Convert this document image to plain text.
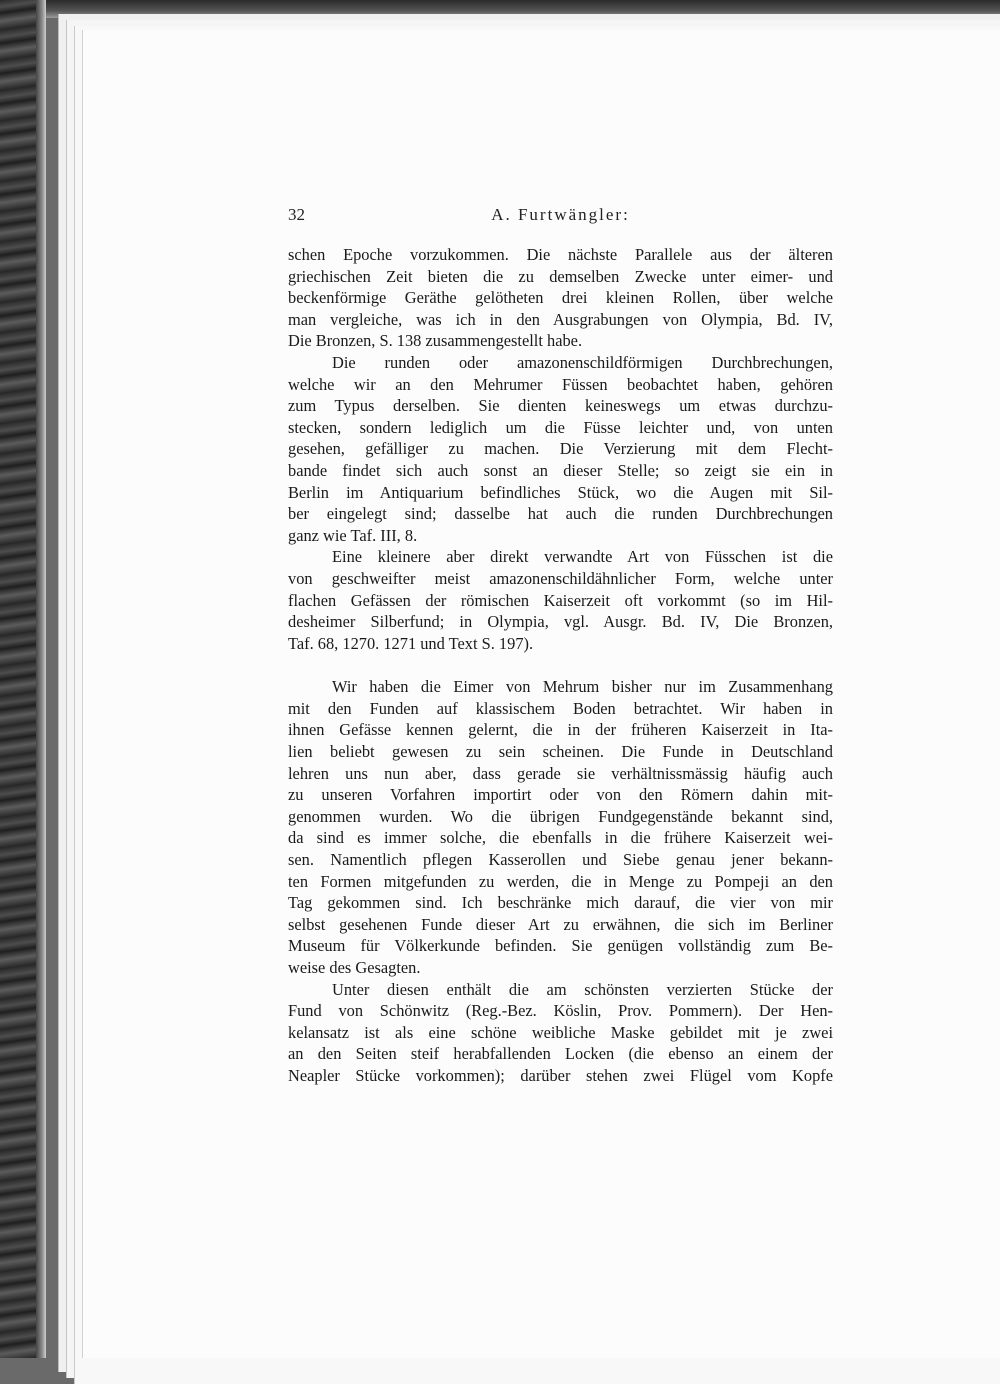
32	A. Furtwängler:
schen Epoche vorzukommen. Die nächste Parallele aus der älteren
griechischen Zeit bieten die zu demselben Zwecke unter eimer- und
beckenförmige Geräthe gelötheten drei kleinen Rollen, über welche
man vergleiche, was ich in den Ausgrabungen von Olympia, Bd. IV,
Die Bronzen, S. 138 zusammengestellt habe.
Die runden oder amazonenschildförmigen Durchbrechungen,
welche wir an den Mehrumer Füssen beobachtet haben, gehören
zum Typus derselben. Sie dienten keineswegs um etwas durchzu-
stecken, sondern lediglich um die Füsse leichter und, von unten
gesehen, gefälliger zu machen. Die Verzierung mit dem Flecht-
bande findet sich auch sonst an dieser Stelle; so zeigt sie ein in
Berlin im Antiquarium befindliches Stück, wo die Augen mit Sil-
ber eingelegt sind; dasselbe hat auch die runden Durchbrechungen
ganz wie Taf. III, 8.
Eine kleinere aber direkt verwandte Art von Füsschen ist die
von geschweifter meist amazonenschildähnlicher Form, welche unter
flachen Gefässen der römischen Kaiserzeit oft vorkommt (so im Hil-
desheimer Silberfund; in Olympia, vgl. Ausgr. Bd. IV, Die Bronzen,
Taf. 68, 1270. 1271 und Text S. 197).
Wir haben die Eimer von Mehrum bisher nur im Zusammenhang
mit den Funden auf klassischem Boden betrachtet. Wir haben in
ihnen Gefässe kennen gelernt, die in der früheren Kaiserzeit in Ita-
lien beliebt gewesen zu sein scheinen. Die Funde in Deutschland
lehren uns nun aber, dass gerade sie verhältnissmässig häufig auch
zu unseren Vorfahren importirt oder von den Römern dahin mit-
genommen wurden. Wo die übrigen Fundgegenstände bekannt sind,
da sind es immer solche, die ebenfalls in die frühere Kaiserzeit wei-
sen. Namentlich pflegen Kasserollen und Siebe genau jener bekann-
ten Formen mitgefunden zu werden, die in Menge zu Pompeji an den
Tag gekommen sind. Ich beschränke mich darauf, die vier von mir
selbst gesehenen Funde dieser Art zu erwähnen, die sich im Berliner
Museum für Völkerkunde befinden. Sie genügen vollständig zum Be-
weise des Gesagten.
Unter diesen enthält die am schönsten verzierten Stücke der
Fund von Schönwitz (Reg.-Bez. Köslin, Prov. Pommern). Der Hen-
kelansatz ist als eine schöne weibliche Maske gebildet mit je zwei
an den Seiten steif herabfallenden Locken (die ebenso an einem der
Neapler Stücke vorkommen); darüber stehen zwei Flügel vom Kopfe
